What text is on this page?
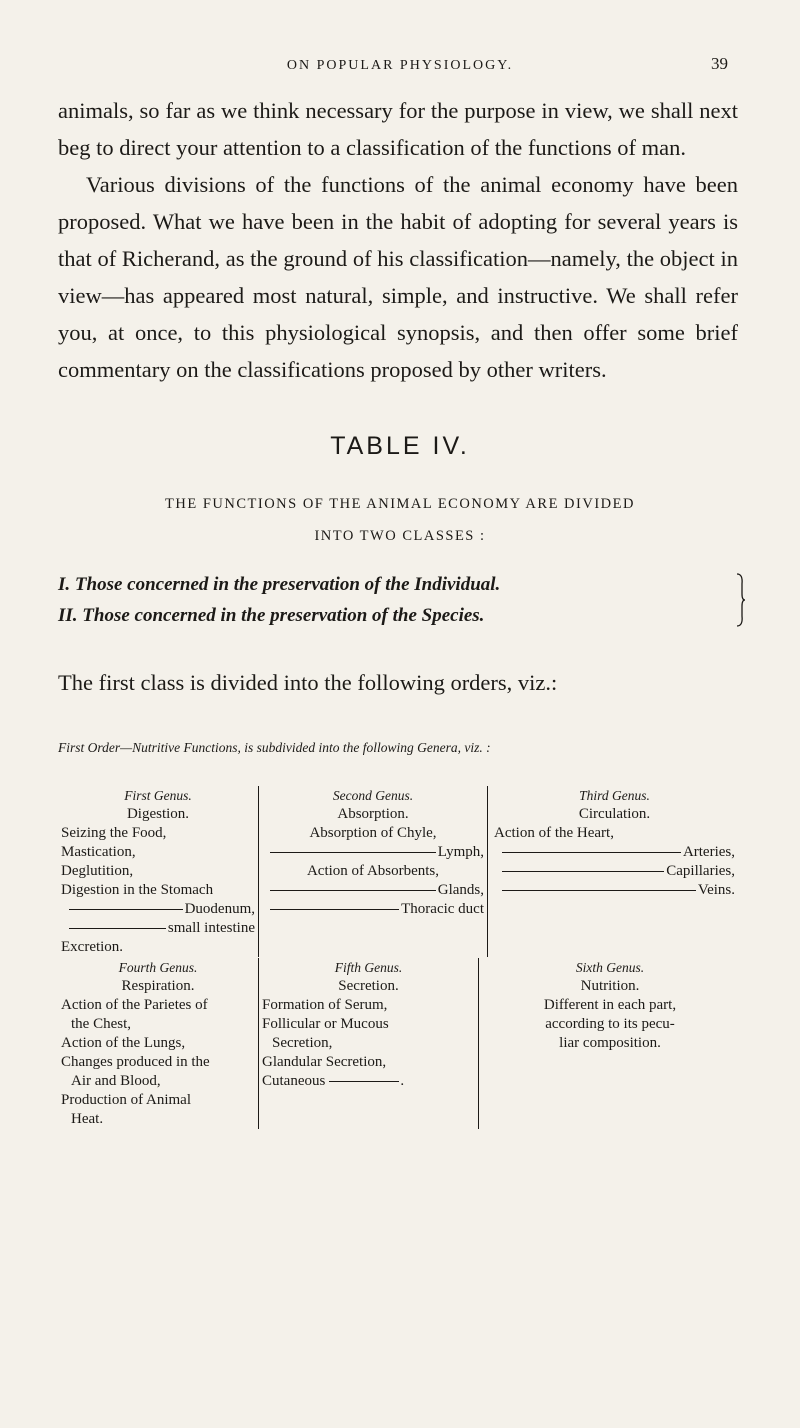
ON POPULAR PHYSIOLOGY.	39

animals, so far as we think necessary for the purpose in view, we shall next beg to direct your attention to a classification of the functions of man.

Various divisions of the functions of the animal economy have been proposed. What we have been in the habit of adopting for several years is that of Richerand, as the ground of his classification—namely, the object in view—has appeared most natural, simple, and instructive. We shall refer you, at once, to this physiological synopsis, and then offer some brief commentary on the classifications proposed by other writers.

TABLE IV.
THE FUNCTIONS OF THE ANIMAL ECONOMY ARE DIVIDED
INTO TWO CLASSES :
I. Those concerned in the preservation of the Individual.
II. Those concerned in the preservation of the Species.
The first class is divided into the following orders, viz.:
First Order—Nutritive Functions, is subdivided into the following Genera, viz. :
First Genus.
Digestion.
Seizing the Food,
Mastication,
Deglutition,
Digestion in the Stomach
Duodenum,
small intestine
Excretion.
Second Genus.
Absorption.
Absorption of Chyle,
Lymph,
Action of Absorbents,
Glands,
Thoracic duct
Third Genus.
Circulation.
Action of the Heart,
Arteries,
Capillaries,
Veins.
Fourth Genus.
Respiration.
Action of the Parietes of
the Chest,
Action of the Lungs,
Changes produced in the
Air and Blood,
Production of Animal
Heat.
Fifth Genus.
Secretion.
Formation of Serum,
Follicular or Mucous
Secretion,
Glandular Secretion,
Cutaneous	.
Sixth Genus.
Nutrition.
Different in each part,
according to its pecu-
liar composition.
